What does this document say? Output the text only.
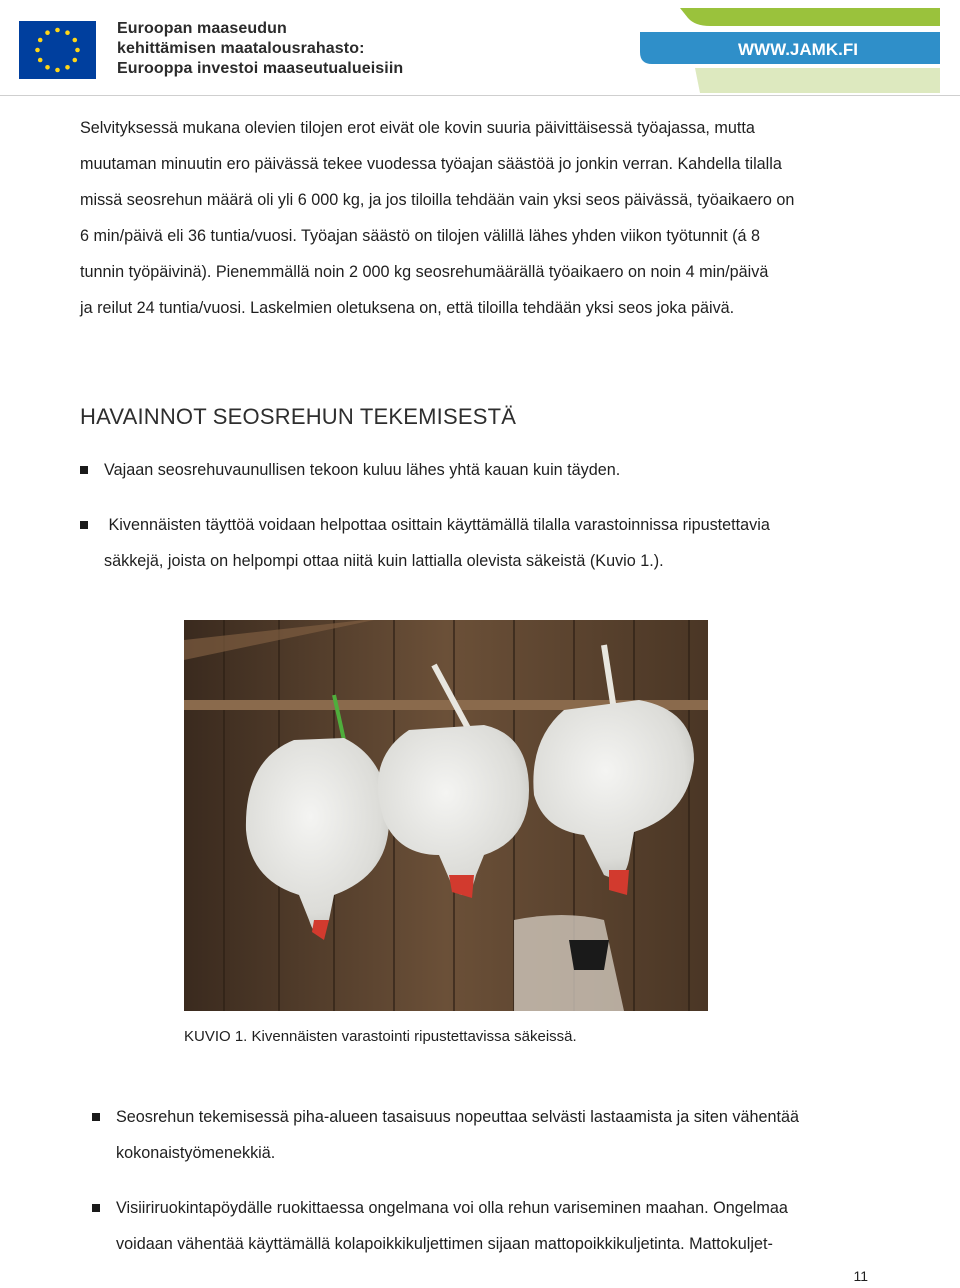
Euroopan maaseudun
kehittämisen maatalousrahasto:
Eurooppa investoi maaseutualueisiin
WWW.JAMK.FI
Selvityksessä mukana olevien tilojen erot eivät ole kovin suuria päivittäisessä työajassa, mutta
muutaman minuutin ero päivässä tekee vuodessa työajan säästöä jo jonkin verran. Kahdella tilalla
missä seosrehun määrä oli yli 6 000 kg, ja jos tiloilla tehdään vain yksi seos päivässä, työaikaero on
6 min/päivä eli 36 tuntia/vuosi. Työajan säästö on tilojen välillä lähes yhden viikon työtunnit (á 8
tunnin työpäivinä). Pienemmällä noin 2 000 kg seosrehumäärällä työaikaero on noin 4 min/päivä
ja reilut 24 tuntia/vuosi. Laskelmien oletuksena on, että tiloilla tehdään yksi seos joka päivä.
HAVAINNOT SEOSREHUN TEKEMISESTÄ
Vajaan seosrehuvaunullisen tekoon kuluu lähes yhtä kauan kuin täyden.
Kivennäisten täyttöä voidaan helpottaa osittain käyttämällä tilalla varastoinnissa ripustettavia
säkkejä, joista on helpompi ottaa niitä kuin lattialla olevista säkeistä (Kuvio 1.).
KUVIO 1. Kivennäisten varastointi ripustettavissa säkeissä.
Seosrehun tekemisessä piha-alueen tasaisuus nopeuttaa selvästi lastaamista ja siten vähentää
kokonaistyömenekkiä.
Visiiriruokintapöydälle ruokittaessa ongelmana voi olla rehun variseminen maahan. Ongelmaa
voidaan vähentää käyttämällä kolapoikkikuljettimen sijaan mattopoikkikuljetinta. Mattokuljet-
11
